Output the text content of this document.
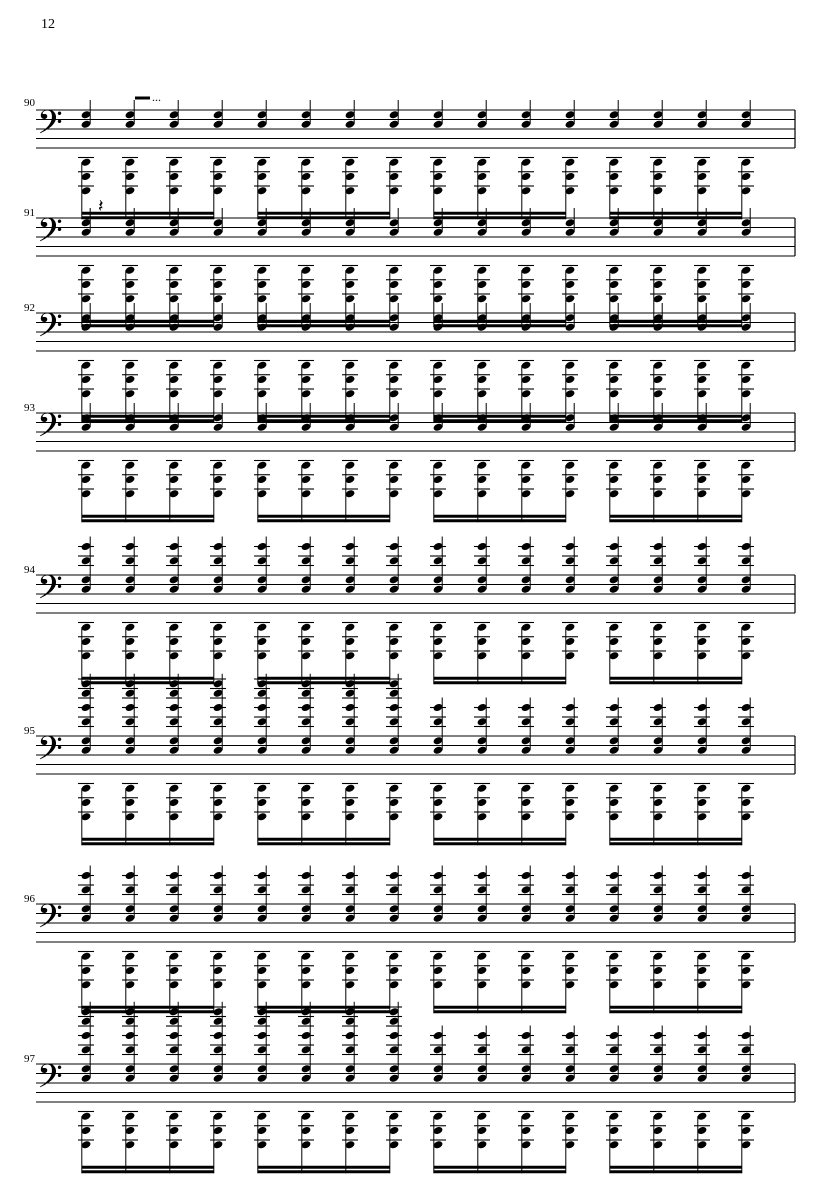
12
90
𝄢
𝄽
...
91 𝄢
92 𝄢
93 𝄢
94 𝄢
95 𝄢
96 𝄢
97 𝄢
